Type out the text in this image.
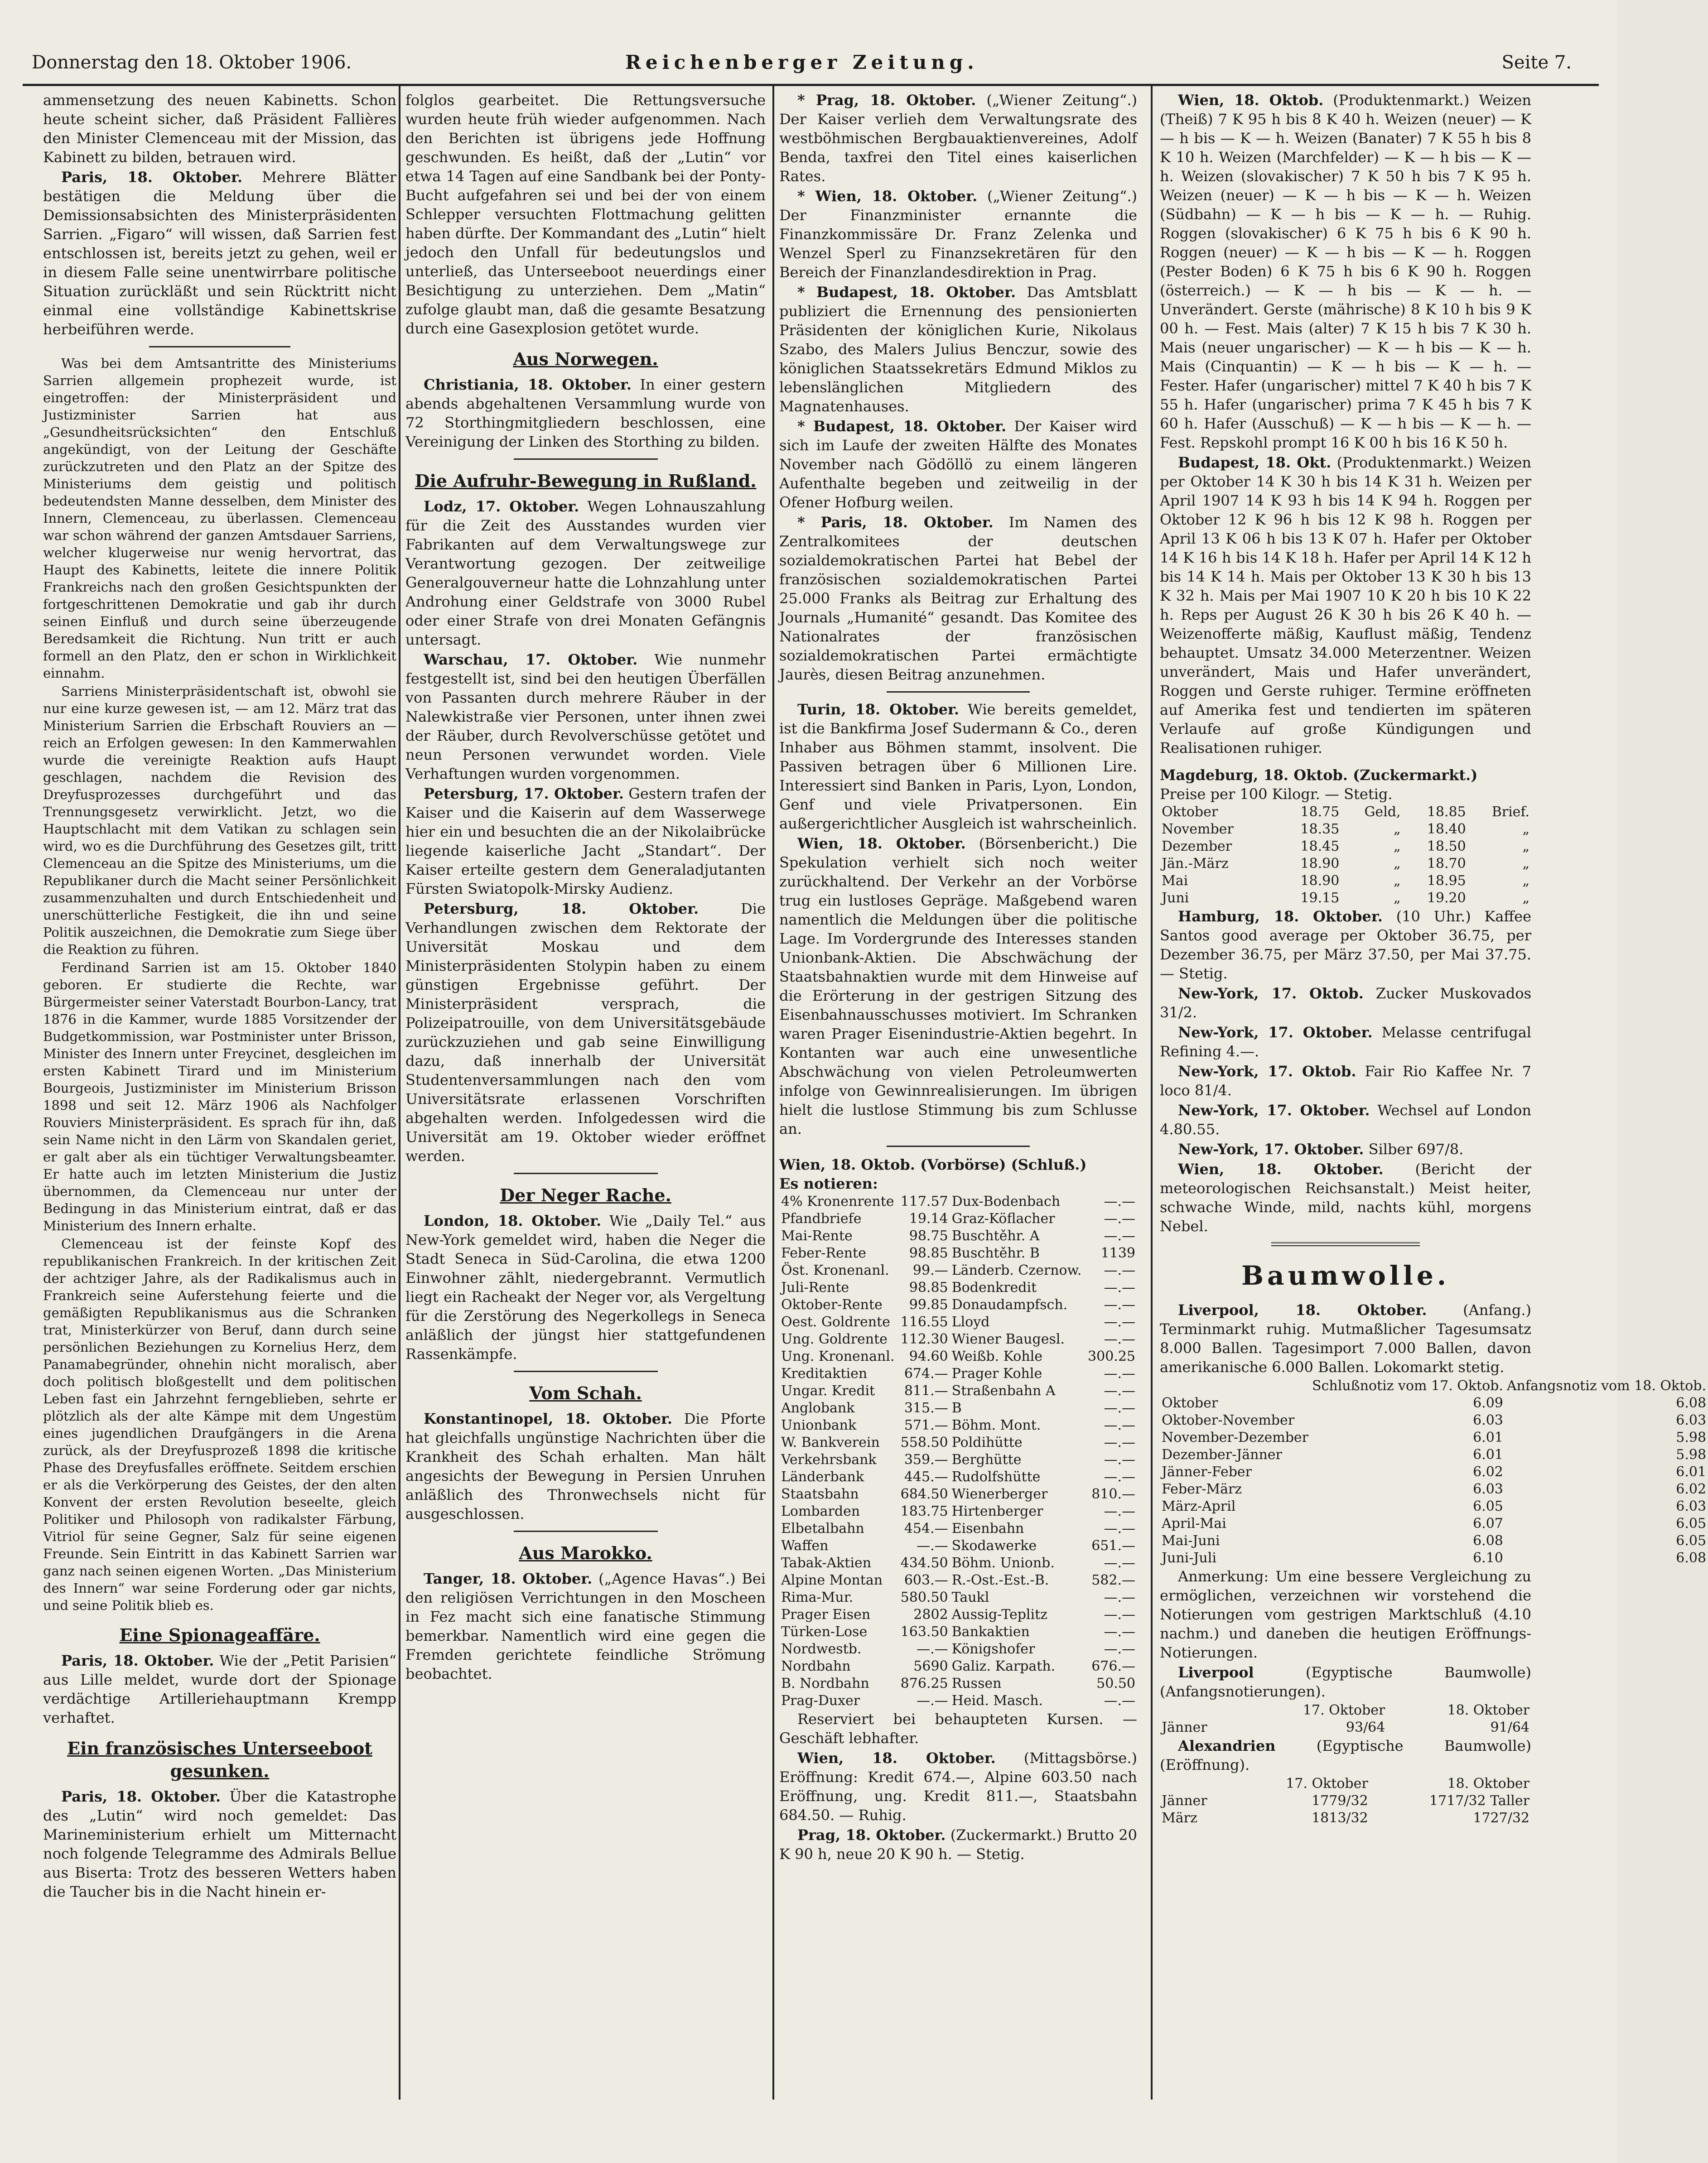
Donnerstag den 18. Oktober 1906.	Reichenberger Zeitung.	Seite 7.

ammensetzung des neuen Kabinetts. Schon heute scheint sicher, daß Präsident Fallières den Minister Clemenceau mit der Mission, das Kabinett zu bilden, betrauen wird.

Paris, 18. Oktober. Mehrere Blätter bestätigen die Meldung über die Demissionsabsichten des Ministerpräsidenten Sarrien. „Figaro“ will wissen, daß Sarrien fest entschlossen ist, bereits jetzt zu gehen, weil er in diesem Falle seine unentwirrbare politische Situation zurückläßt und sein Rücktritt nicht einmal eine vollständige Kabinettskrise herbeiführen werde.

Was bei dem Amtsantritte des Ministeriums Sarrien allgemein prophezeit wurde, ist eingetroffen: der Ministerpräsident und Justizminister Sarrien hat aus „Gesundheitsrücksichten“ den Entschluß angekündigt, von der Leitung der Geschäfte zurückzutreten und den Platz an der Spitze des Ministeriums dem geistig und politisch bedeutendsten Manne desselben, dem Minister des Innern, Clemenceau, zu überlassen. Clemenceau war schon während der ganzen Amtsdauer Sarriens, welcher klugerweise nur wenig hervortrat, das Haupt des Kabinetts, leitete die innere Politik Frankreichs nach den großen Gesichtspunkten der fortgeschrittenen Demokratie und gab ihr durch seinen Einfluß und durch seine überzeugende Beredsamkeit die Richtung. Nun tritt er auch formell an den Platz, den er schon in Wirklichkeit einnahm.

Sarriens Ministerpräsidentschaft ist, obwohl sie nur eine kurze gewesen ist, — am 12. März trat das Ministerium Sarrien die Erbschaft Rouviers an — reich an Erfolgen gewesen: In den Kammerwahlen wurde die vereinigte Reaktion aufs Haupt geschlagen, nachdem die Revision des Dreyfusprozesses durchgeführt und das Trennungsgesetz verwirklicht. Jetzt, wo die Hauptschlacht mit dem Vatikan zu schlagen sein wird, wo es die Durchführung des Gesetzes gilt, tritt Clemenceau an die Spitze des Ministeriums, um die Republikaner durch die Macht seiner Persönlichkeit zusammenzuhalten und durch Entschiedenheit und unerschütterliche Festigkeit, die ihn und seine Politik auszeichnen, die Demokratie zum Siege über die Reaktion zu führen.

Ferdinand Sarrien ist am 15. Oktober 1840 geboren. Er studierte die Rechte, war Bürgermeister seiner Vaterstadt Bourbon-Lancy, trat 1876 in die Kammer, wurde 1885 Vorsitzender der Budgetkommission, war Postminister unter Brisson, Minister des Innern unter Freycinet, desgleichen im ersten Kabinett Tirard und im Ministerium Bourgeois, Justizminister im Ministerium Brisson 1898 und seit 12. März 1906 als Nachfolger Rouviers Ministerpräsident. Es sprach für ihn, daß sein Name nicht in den Lärm von Skandalen geriet, er galt aber als ein tüchtiger Verwaltungsbeamter. Er hatte auch im letzten Ministerium die Justiz übernommen, da Clemenceau nur unter der Bedingung in das Ministerium eintrat, daß er das Ministerium des Innern erhalte.

Clemenceau ist der feinste Kopf des republikanischen Frankreich. In der kritischen Zeit der achtziger Jahre, als der Radikalismus auch in Frankreich seine Auferstehung feierte und die gemäßigten Republikanismus aus die Schranken trat, Ministerkürzer von Beruf, dann durch seine persönlichen Beziehungen zu Kornelius Herz, dem Panamabegründer, ohnehin nicht moralisch, aber doch politisch bloßgestellt und dem politischen Leben fast ein Jahrzehnt ferngeblieben, sehrte er plötzlich als der alte Kämpe mit dem Ungestüm eines jugendlichen Draufgängers in die Arena zurück, als der Dreyfusprozeß 1898 die kritische Phase des Dreyfusfalles eröffnete. Seitdem erschien er als die Verkörperung des Geistes, der den alten Konvent der ersten Revolution beseelte, gleich Politiker und Philosoph von radikalster Färbung, Vitriol für seine Gegner, Salz für seine eigenen Freunde. Sein Eintritt in das Kabinett Sarrien war ganz nach seinen eigenen Worten. „Das Ministerium des Innern“ war seine Forderung oder gar nichts, und seine Politik blieb es.

Eine Spionageaffäre.

Paris, 18. Oktober. Wie der „Petit Parisien“ aus Lille meldet, wurde dort der Spionage verdächtige Artilleriehauptmann Krempp verhaftet.

Ein französisches Unterseeboot gesunken.

Paris, 18. Oktober. Über die Katastrophe des „Lutin“ wird noch gemeldet: Das Marineministerium erhielt um Mitternacht noch folgende Telegramme des Admirals Bellue aus Biserta: Trotz des besseren Wetters haben die Taucher bis in die Nacht hinein er-

folglos gearbeitet. Die Rettungsversuche wurden heute früh wieder aufgenommen. Nach den Berichten ist übrigens jede Hoffnung geschwunden. Es heißt, daß der „Lutin“ vor etwa 14 Tagen auf eine Sandbank bei der Ponty-Bucht aufgefahren sei und bei der von einem Schlepper versuchten Flottmachung gelitten haben dürfte. Der Kommandant des „Lutin“ hielt jedoch den Unfall für bedeutungslos und unterließ, das Unterseeboot neuerdings einer Besichtigung zu unterziehen. Dem „Matin“ zufolge glaubt man, daß die gesamte Besatzung durch eine Gasexplosion getötet wurde.

Aus Norwegen.

Christiania, 18. Oktober. In einer gestern abends abgehaltenen Versammlung wurde von 72 Storthingmitgliedern beschlossen, eine Vereinigung der Linken des Storthing zu bilden.

Die Aufruhr-Bewegung in Rußland.

Lodz, 17. Oktober. Wegen Lohnauszahlung für die Zeit des Ausstandes wurden vier Fabrikanten auf dem Verwaltungswege zur Verantwortung gezogen. Der zeitweilige Generalgouverneur hatte die Lohnzahlung unter Androhung einer Geldstrafe von 3000 Rubel oder einer Strafe von drei Monaten Gefängnis untersagt.

Warschau, 17. Oktober. Wie nunmehr festgestellt ist, sind bei den heutigen Überfällen von Passanten durch mehrere Räuber in der Nalewkistraße vier Personen, unter ihnen zwei der Räuber, durch Revolverschüsse getötet und neun Personen verwundet worden. Viele Verhaftungen wurden vorgenommen.

Petersburg, 17. Oktober. Gestern trafen der Kaiser und die Kaiserin auf dem Wasserwege hier ein und besuchten die an der Nikolaibrücke liegende kaiserliche Jacht „Standart“. Der Kaiser erteilte gestern dem Generaladjutanten Fürsten Swiatopolk-Mirsky Audienz.

Petersburg, 18. Oktober.	Die Verhandlungen zwischen dem Rektorate der Universität Moskau und dem Ministerpräsidenten Stolypin haben zu einem günstigen Ergebnisse geführt. Der Ministerpräsident versprach, die Polizeipatrouille, von dem Universitätsgebäude zurückzuziehen und gab seine Einwilligung dazu, daß innerhalb der Universität Studentenversammlungen nach den vom Universitätsrate erlassenen Vorschriften abgehalten werden. Infolgedessen wird die Universität am 19. Oktober wieder eröffnet werden.

Der Neger Rache.

London, 18. Oktober. Wie „Daily Tel.“ aus New-York gemeldet wird, haben die Neger die Stadt Seneca in Süd-Carolina, die etwa 1200 Einwohner zählt, niedergebrannt. Vermutlich liegt ein Racheakt der Neger vor, als Vergeltung für die Zerstörung des Negerkollegs in Seneca anläßlich der jüngst hier stattgefundenen Rassenkämpfe.

Vom Schah.

Konstantinopel, 18. Oktober. Die Pforte hat gleichfalls ungünstige Nachrichten über die Krankheit des Schah erhalten. Man hält angesichts der Bewegung in Persien Unruhen anläßlich des Thronwechsels nicht für ausgeschlossen.

Aus Marokko.

Tanger, 18. Oktober. („Agence Havas“.) Bei den religiösen Verrichtungen in den Moscheen in Fez macht sich eine fanatische Stimmung bemerkbar. Namentlich wird eine gegen die Fremden gerichtete feindliche Strömung beobachtet.

* Prag, 18. Oktober. („Wiener Zeitung“.) Der Kaiser verlieh dem Verwaltungsrate des westböhmischen Bergbauaktienvereines, Adolf Benda, taxfrei den Titel eines kaiserlichen Rates.

* Wien, 18. Oktober. („Wiener Zeitung“.) Der Finanzminister ernannte die Finanzkommissäre Dr. Franz Zelenka und Wenzel Sperl zu Finanzsekretären für den Bereich der Finanzlandesdirektion in Prag.

* Budapest, 18. Oktober. Das Amtsblatt publiziert die Ernennung des pensionierten Präsidenten der königlichen Kurie, Nikolaus Szabo, des Malers Julius Benczur, sowie des königlichen Staatssekretärs Edmund Miklos zu lebenslänglichen Mitgliedern des Magnatenhauses.

* Budapest, 18. Oktober. Der Kaiser wird sich im Laufe der zweiten Hälfte des Monates November nach Gödöllö zu einem längeren Aufenthalte begeben und zeitweilig in der Ofener Hofburg weilen.

* Paris, 18. Oktober. Im Namen des Zentralkomitees der deutschen sozialdemokratischen Partei hat Bebel der französischen sozialdemokratischen Partei 25.000 Franks als Beitrag zur Erhaltung des Journals „Humanité“ gesandt. Das Komitee des Nationalrates der französischen sozialdemokratischen Partei ermächtigte Jaurès, diesen Beitrag anzunehmen.

Turin, 18. Oktober. Wie bereits gemeldet, ist die Bankfirma Josef Sudermann & Co., deren Inhaber aus Böhmen stammt, insolvent. Die Passiven betragen über 6 Millionen Lire. Interessiert sind Banken in Paris, Lyon, London, Genf und viele Privatpersonen. Ein außergerichtlicher Ausgleich ist wahrscheinlich.

Wien, 18. Oktober. (Börsenbericht.) Die Spekulation verhielt sich noch weiter zurückhaltend. Der Verkehr an der Vorbörse trug ein lustloses Gepräge. Maßgebend waren namentlich die Meldungen über die politische Lage. Im Vordergrunde des Interesses standen Unionbank-Aktien. Die Abschwächung der Staatsbahnaktien wurde mit dem Hinweise auf die Erörterung in der gestrigen Sitzung des Eisenbahnausschusses motiviert. Im Schranken waren Prager Eisenindustrie-Aktien begehrt. In Kontanten war auch eine unwesentliche Abschwächung von vielen Petroleumwerten infolge von Gewinnrealisierungen. Im übrigen hielt die lustlose Stimmung bis zum Schlusse an.

Wien, 18. Oktob. (Vorbörse) (Schluß.)
Es notieren:
4% Kronenrente	117.57	Dux-Bodenbach	—.—
Pfandbriefe	19.14	Graz-Köflacher	—.—
Mai-Rente	98.75	Buschtěhr. A	—.—
Feber-Rente	98.85	Buschtěhr. B	1139
Öst. Kronenanl.	99.—	Länderb. Czernow.	—.—
Juli-Rente	98.85	Bodenkredit	—.—
Oktober-Rente	99.85	Donaudampfsch.	—.—
Oest. Goldrente	116.55	Lloyd	—.—
Ung. Goldrente	112.30	Wiener Baugesl.	—.—
Ung. Kronenanl.	94.60	Weißb. Kohle	300.25
Kreditaktien	674.—	Prager Kohle	—.—
Ungar. Kredit	811.—	Straßenbahn A	—.—
Anglobank	315.—	B	—.—
Unionbank	571.—	Böhm. Mont.	—.—
W. Bankverein	558.50	Poldihütte	—.—
Verkehrsbank	359.—	Berghütte	—.—
Länderbank	445.—	Rudolfshütte	—.—
Staatsbahn	684.50	Wienerberger	810.—
Lombarden	183.75	Hirtenberger	—.—
Elbetalbahn	454.—	Eisenbahn	—.—
Waffen	—.—	Skodawerke	651.—
Tabak-Aktien	434.50	Böhm. Unionb.	—.—
Alpine Montan	603.—	R.-Ost.-Est.-B.	582.—
Rima-Mur.	580.50	Taukl	—.—
Prager Eisen	2802	Aussig-Teplitz	—.—
Türken-Lose	163.50	Bankaktien	—.—
Nordwestb.	—.—	Königshofer	—.—
Nordbahn	5690	Galiz. Karpath.	676.—
B. Nordbahn	876.25	Russen	50.50
Prag-Duxer	—.—	Heid. Masch.	—.—

Reserviert bei behaupteten Kursen. — Geschäft lebhafter.

Wien, 18. Oktober. (Mittagsbörse.) Eröffnung: Kredit 674.—, Alpine 603.50 nach Eröffnung, ung. Kredit 811.—, Staatsbahn 684.50. — Ruhig.

Prag, 18. Oktober. (Zuckermarkt.) Brutto 20 K 90 h, neue 20 K 90 h. — Stetig.

Wien, 18. Oktob. (Produktenmarkt.) Weizen (Theiß) 7 K 95 h bis 8 K 40 h. Weizen (neuer) — K — h bis — K — h. Weizen (Banater) 7 K 55 h bis 8 K 10 h. Weizen (Marchfelder) — K — h bis — K — h. Weizen (slovakischer) 7 K 50 h bis 7 K 95 h. Weizen (neuer) — K — h bis — K — h. Weizen (Südbahn) — K — h bis — K — h. — Ruhig. Roggen (slovakischer) 6 K 75 h bis 6 K 90 h. Roggen (neuer) — K — h bis — K — h. Roggen (Pester Boden) 6 K 75 h bis 6 K 90 h. Roggen (österreich.) — K — h bis — K — h. — Unverändert. Gerste (mährische) 8 K 10 h bis 9 K 00 h. — Fest. Mais (alter) 7 K 15 h bis 7 K 30 h. Mais (neuer ungarischer) — K — h bis — K — h. Mais (Cinquantin) — K — h bis — K — h. — Fester. Hafer (ungarischer) mittel 7 K 40 h bis 7 K 55 h. Hafer (ungarischer) prima 7 K 45 h bis 7 K 60 h. Hafer (Ausschuß) — K — h bis — K — h. — Fest. Repskohl prompt 16 K 00 h bis 16 K 50 h.

Budapest, 18. Okt. (Produktenmarkt.) Weizen per Oktober 14 K 30 h bis 14 K 31 h. Weizen per April 1907 14 K 93 h bis 14 K 94 h. Roggen per Oktober 12 K 96 h bis 12 K 98 h. Roggen per April 13 K 06 h bis 13 K 07 h. Hafer per Oktober 14 K 16 h bis 14 K 18 h. Hafer per April 14 K 12 h bis 14 K 14 h. Mais per Oktober 13 K 30 h bis 13 K 32 h. Mais per Mai 1907 10 K 20 h bis 10 K 22 h. Reps per August 26 K 30 h bis 26 K 40 h. — Weizenofferte mäßig, Kauflust mäßig, Tendenz behauptet. Umsatz 34.000 Meterzentner. Weizen unverändert, Mais und Hafer unverändert, Roggen und Gerste ruhiger. Termine eröffneten auf Amerika fest und tendierten im späteren Verlaufe auf große Kündigungen und Realisationen ruhiger.

Magdeburg, 18. Oktob. (Zuckermarkt.)
Preise per 100 Kilogr. — Stetig.
Oktober	18.75	Geld,	18.85	Brief.
November	18.35	„	18.40	„
Dezember	18.45	„	18.50	„
Jän.-März	18.90	„	18.70	„
Mai	18.90	„	18.95	„
Juni	19.15	„	19.20	„

Hamburg, 18. Oktober. (10 Uhr.) Kaffee Santos good average per Oktober 36.75, per Dezember 36.75, per März 37.50, per Mai 37.75. — Stetig.

New-York, 17. Oktob. Zucker Muskovados 31/2.

New-York, 17. Oktober. Melasse centrifugal Refining 4.—.

New-York, 17. Oktob. Fair Rio Kaffee Nr. 7 loco 81/4.

New-York, 17. Oktober. Wechsel auf London 4.80.55.

New-York, 17. Oktober. Silber 697/8.

Wien, 18. Oktober. (Bericht der meteorologischen Reichsanstalt.) Meist heiter, schwache Winde, mild, nachts kühl, morgens Nebel.

Baumwolle.

Liverpool, 18. Oktober. (Anfang.) Terminmarkt ruhig. Mutmaßlicher Tagesumsatz 8.000 Ballen. Tagesimport 7.000 Ballen, davon amerikanische 6.000 Ballen. Lokomarkt stetig.

	Schlußnotiz vom 17. Oktob.	Anfangsnotiz vom 18. Oktob.
Oktober	6.09	6.08
Oktober-November	6.03	6.03
November-Dezember	6.01	5.98
Dezember-Jänner	6.01	5.98
Jänner-Feber	6.02	6.01
Feber-März	6.03	6.02
März-April	6.05	6.03
April-Mai	6.07	6.05
Mai-Juni	6.08	6.05
Juni-Juli	6.10	6.08

Anmerkung: Um eine bessere Vergleichung zu ermöglichen, verzeichnen wir vorstehend die Notierungen vom gestrigen Marktschluß (4.10 nachm.) und daneben die heutigen Eröffnungs-Notierungen.

Liverpool	(Egyptische Baumwolle) (Anfangsnotierungen).

	17. Oktober	18. Oktober
Jänner	93/64	91/64

Alexandrien	(Egyptische Baumwolle) (Eröffnung).

	17. Oktober	18. Oktober
Jänner	1779/32	1717/32 Taller
März	1813/32	1727/32
